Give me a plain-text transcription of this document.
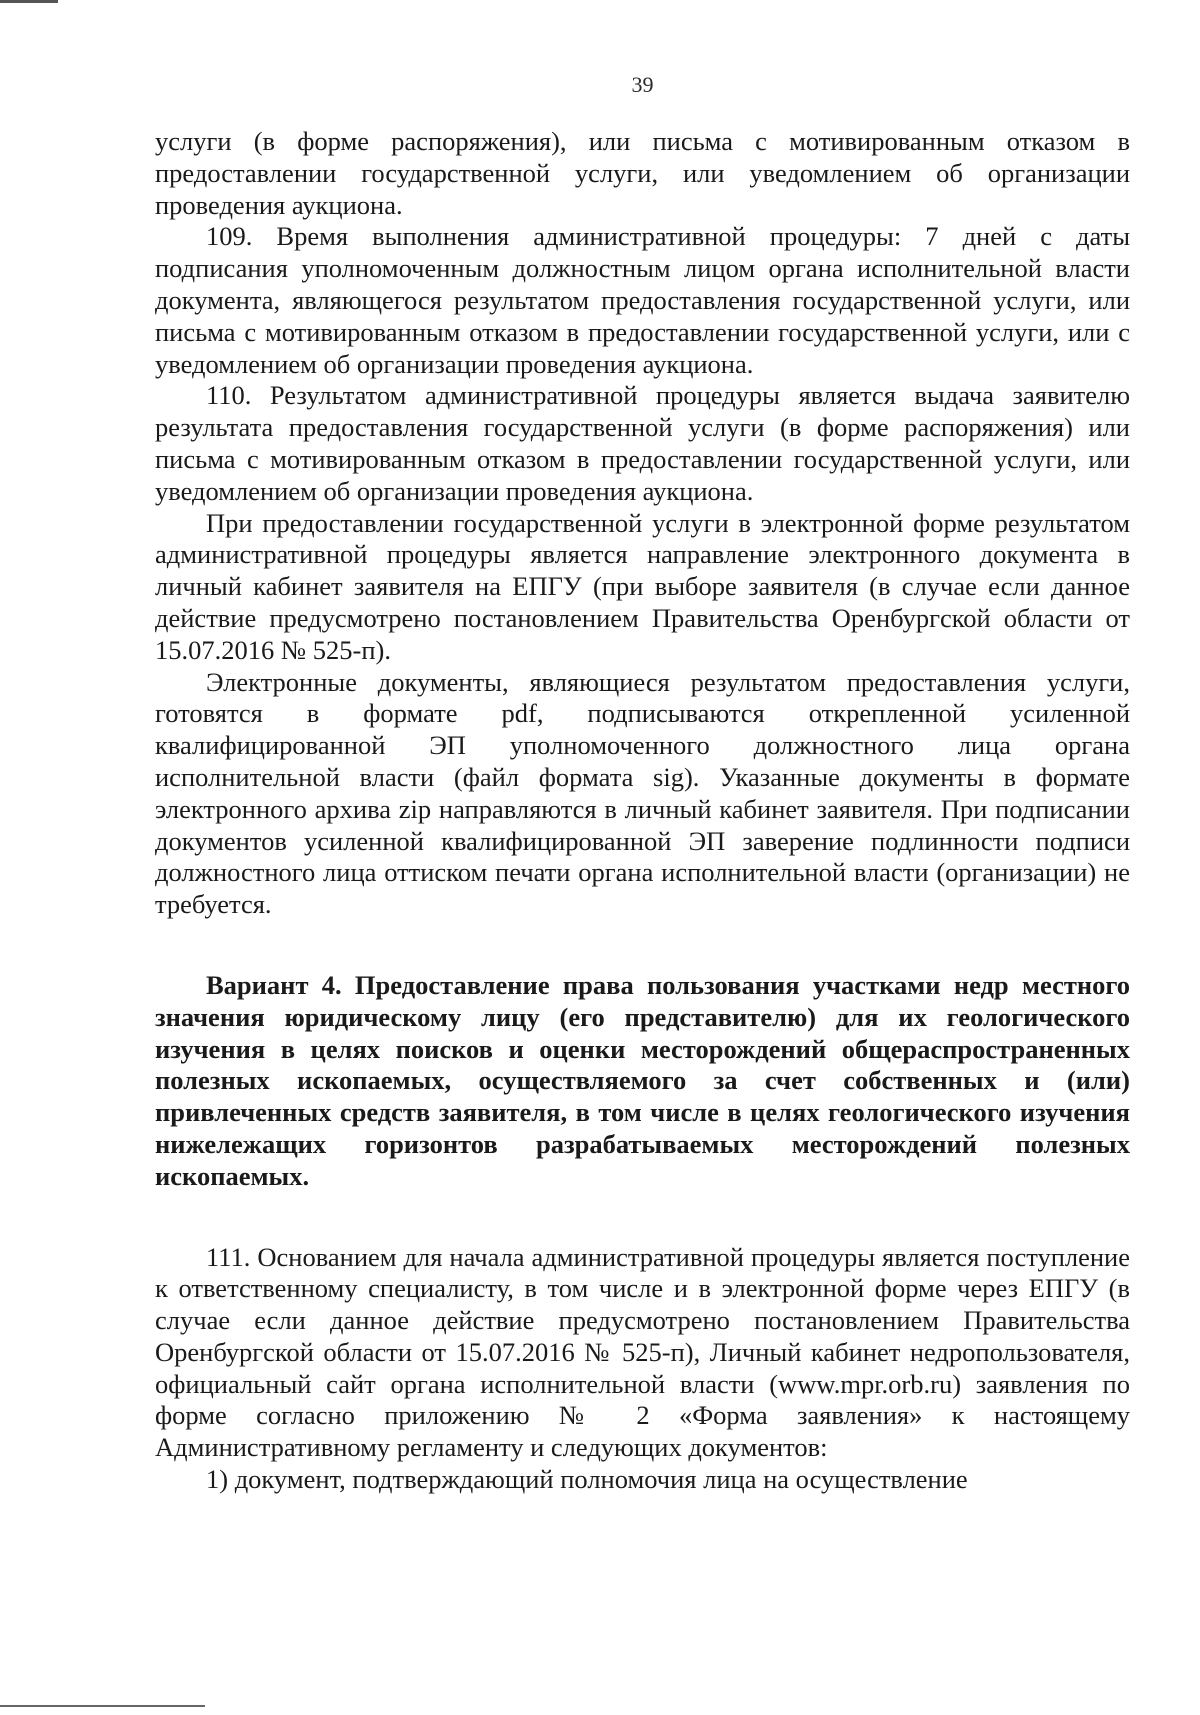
39

услуги (в форме распоряжения), или письма с мотивированным отказом в предоставлении государственной услуги, или уведомлением об организации проведения аукциона.

109. Время выполнения административной процедуры: 7 дней с даты подписания уполномоченным должностным лицом органа исполнительной власти документа, являющегося результатом предоставления государственной услуги, или письма с мотивированным отказом в предоставлении государственной услуги, или с уведомлением об организации проведения аукциона.

110. Результатом административной процедуры является выдача заявителю результата предоставления государственной услуги (в форме распоряжения) или письма с мотивированным отказом в предоставлении государственной услуги, или уведомлением об организации проведения аукциона.

При предоставлении государственной услуги в электронной форме результатом административной процедуры является направление электронного документа в личный кабинет заявителя на ЕПГУ (при выборе заявителя (в случае если данное действие предусмотрено постановлением Правительства Оренбургской области от 15.07.2016 № 525-п).

Электронные документы, являющиеся результатом предоставления услуги, готовятся в формате pdf, подписываются открепленной усиленной квалифицированной ЭП уполномоченного должностного лица органа исполнительной власти (файл формата sig). Указанные документы в формате электронного архива zip направляются в личный кабинет заявителя. При подписании документов усиленной квалифицированной ЭП заверение подлинности подписи должностного лица оттиском печати органа исполнительной власти (организации) не требуется.

Вариант 4. Предоставление права пользования участками недр местного значения юридическому лицу (его представителю) для их геологического изучения в целях поисков и оценки месторождений общераспространенных полезных ископаемых, осуществляемого за счет собственных и (или) привлеченных средств заявителя, в том числе в целях геологического изучения нижележащих горизонтов разрабатываемых месторождений полезных ископаемых.

111. Основанием для начала административной процедуры является поступление к ответственному специалисту, в том числе и в электронной форме через ЕПГУ (в случае если данное действие предусмотрено постановлением Правительства Оренбургской области от 15.07.2016 № 525-п), Личный кабинет недропользователя, официальный сайт органа исполнительной власти (www.mpr.orb.ru) заявления по форме согласно приложению № 2 «Форма заявления» к настоящему Административному регламенту и следующих документов:

1) документ, подтверждающий полномочия лица на осуществление
